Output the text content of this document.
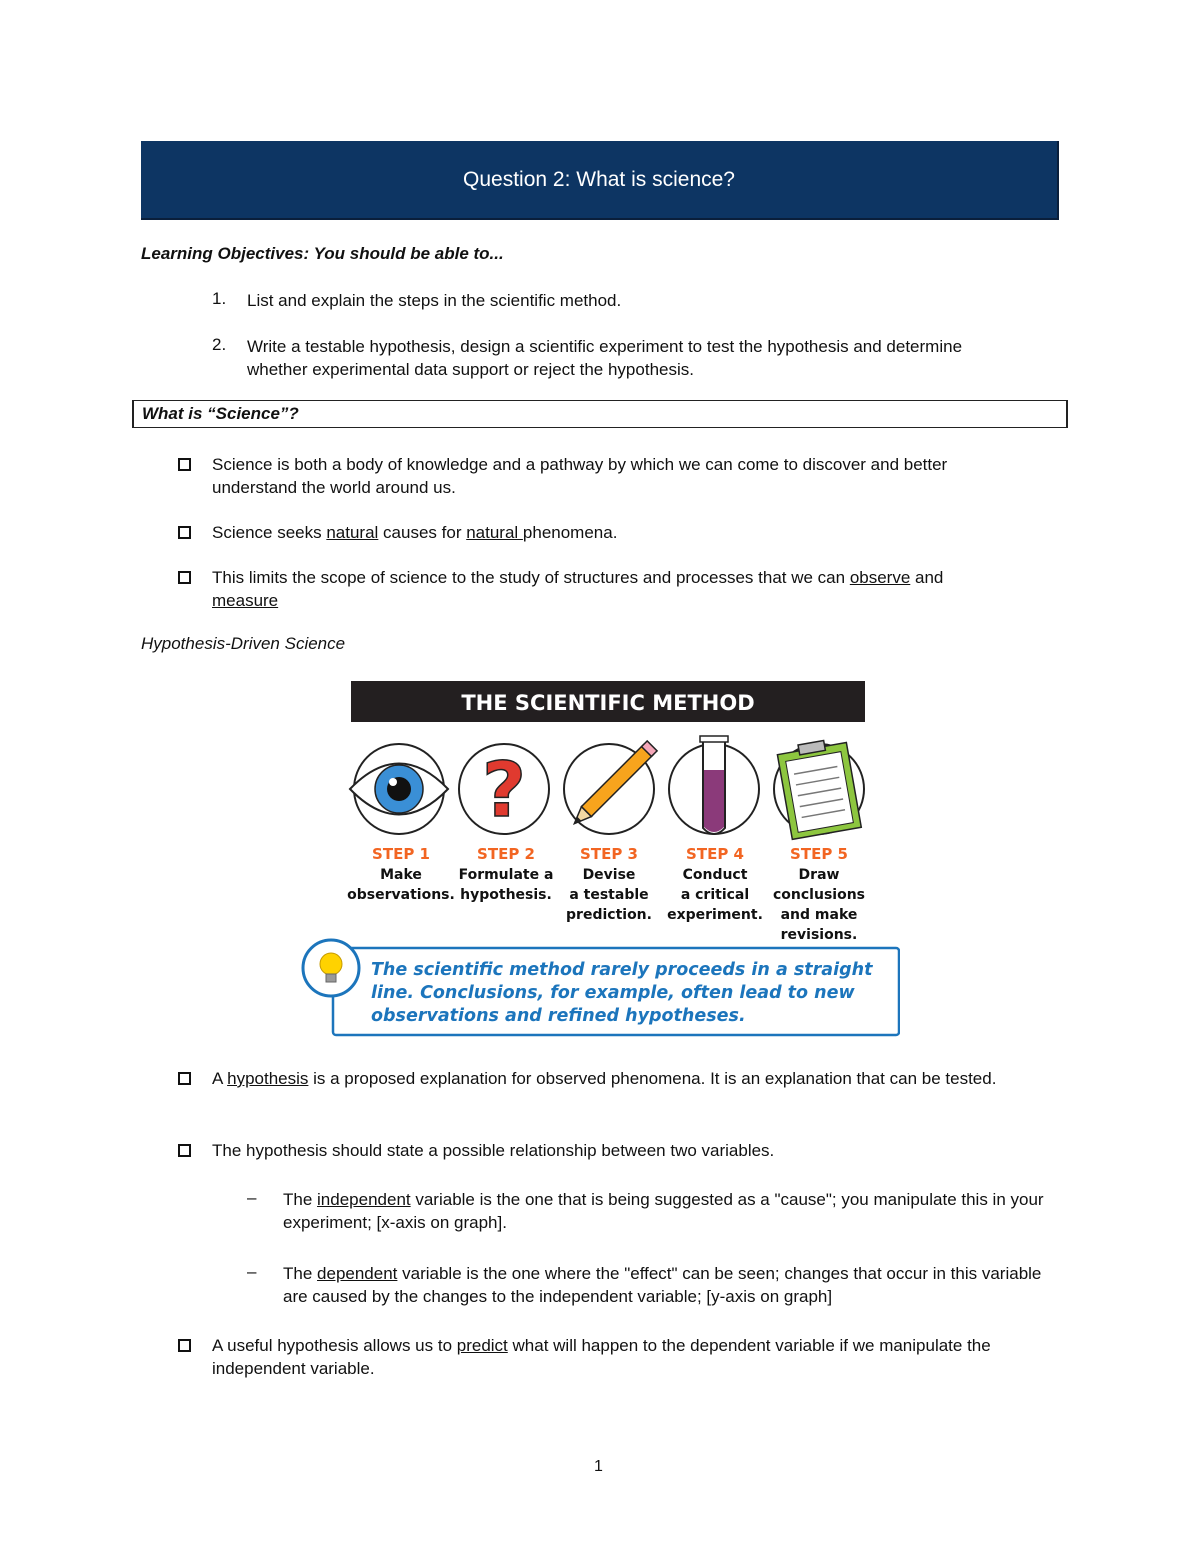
Question 2: What is science?
Learning Objectives: You should be able to...
1. List and explain the steps in the scientific method.
2. Write a testable hypothesis, design a scientific experiment to test the hypothesis and determine whether experimental data support or reject the hypothesis.
What is “Science”?
Science is both a body of knowledge and a pathway by which we can come to discover and better understand the world around us.
Science seeks natural causes for natural phenomena.
This limits the scope of science to the study of structures and processes that we can observe and measure
Hypothesis-Driven Science
THE SCIENTIFIC METHOD
?
STEP 1
Make
observations.
STEP 2
Formulate a
hypothesis.
STEP 3
Devise
a testable
prediction.
STEP 4
Conduct
a critical
experiment.
STEP 5
Draw
conclusions
and make
revisions.
The scientific method rarely proceeds in a straight
line. Conclusions, for example, often lead to new
observations and refined hypotheses.
A hypothesis is a proposed explanation for observed phenomena. It is an explanation that can be tested.
The hypothesis should state a possible relationship between two variables.
– The independent variable is the one that is being suggested as a "cause"; you manipulate this in your experiment; [x-axis on graph].
– The dependent variable is the one where the "effect" can be seen; changes that occur in this variable are caused by the changes to the independent variable; [y-axis on graph]
A useful hypothesis allows us to predict what will happen to the dependent variable if we manipulate the independent variable.
1
